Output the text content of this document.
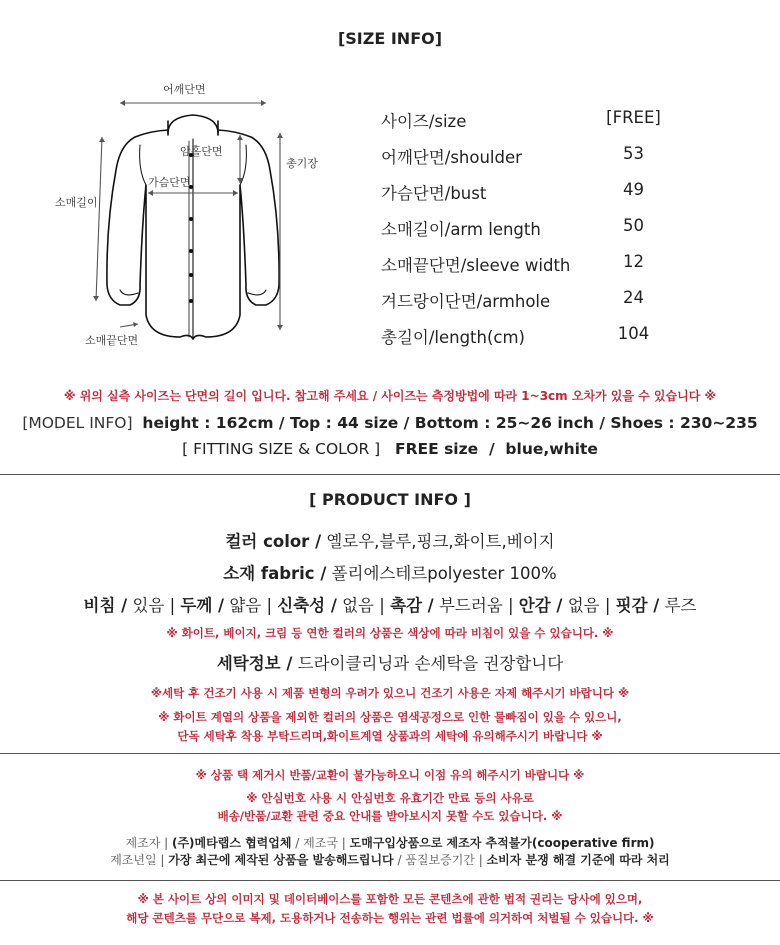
[SIZE INFO]
어깨단면
암홀단면
가슴단면
총기장
소매길이
소매끝단면
사이즈/size	[FREE]
어깨단면/shoulder	53
가슴단면/bust	49
소매길이/arm length	50
소매끝단면/sleeve width	12
겨드랑이단면/armhole	24
총길이/length(cm)	104
※ 위의 실측 사이즈는 단면의 길이 입니다. 참고해 주세요 / 사이즈는 측정방법에 따라 1~3cm 오차가 있을 수 있습니다 ※
[MODEL INFO] height : 162cm / Top : 44 size / Bottom : 25~26 inch / Shoes : 230~235
[ FITTING SIZE & COLOR ] FREE size  /  blue,white
[ PRODUCT INFO ]
컬러 color / 옐로우,블루,핑크,화이트,베이지
소재 fabric / 폴리에스테르polyester 100%
비침 / 있음 | 두께 / 얇음 | 신축성 / 없음 | 촉감 / 부드러움 | 안감 / 없음 | 핏감 / 루즈
※ 화이트, 베이지, 크림 등 연한 컬러의 상품은 색상에 따라 비침이 있을 수 있습니다. ※
세탁정보 / 드라이클리닝과 손세탁을 권장합니다
※세탁 후 건조기 사용 시 제품 변형의 우려가 있으니 건조기 사용은 자제 해주시기 바랍니다 ※
※ 화이트 계열의 상품을 제외한 컬러의 상품은 염색공정으로 인한 물빠짐이 있을 수 있으니,
단독 세탁후 착용 부탁드리며,화이트계열 상품과의 세탁에 유의해주시기 바랍니다 ※
※ 상품 택 제거시 반품/교환이 불가능하오니 이점 유의 해주시기 바랍니다 ※
※ 안심번호 사용 시 안심번호 유효기간 만료 등의 사유로
배송/반품/교환 관련 중요 안내를 받아보시지 못할 수도 있습니다. ※
제조자 | (주)메타랩스 협력업체 / 제조국 | 도매구입상품으로 제조자 추적불가(cooperative firm)
제조년일 | 가장 최근에 제작된 상품을 발송해드립니다 / 품질보증기간 | 소비자 분쟁 해결 기준에 따라 처리
※ 본 사이트 상의 이미지 및 데이터베이스를 포함한 모든 콘텐츠에 관한 법적 권리는 당사에 있으며,
해당 콘텐츠를 무단으로 복제, 도용하거나 전송하는 행위는 관련 법률에 의거하여 처벌될 수 있습니다. ※
